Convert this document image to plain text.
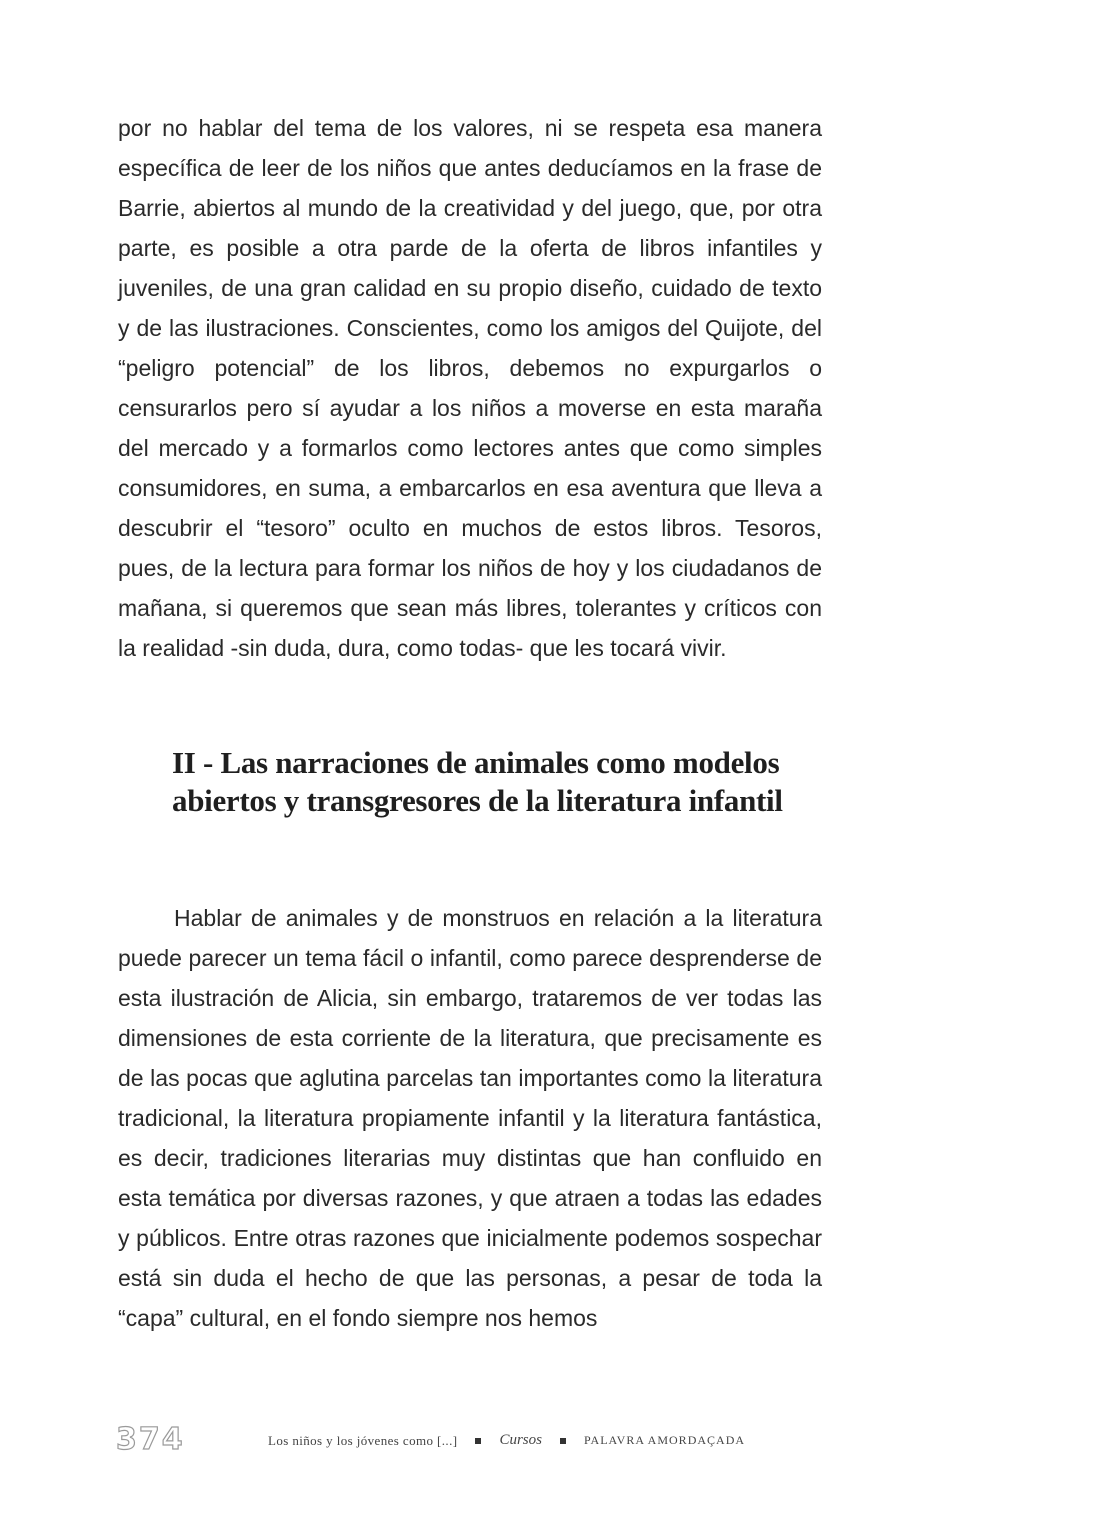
por no hablar del tema de los valores, ni se respeta esa manera específica de leer de los niños que antes deducíamos en la frase de Barrie, abiertos al mundo de la creatividad y del juego, que, por otra parte, es posible a otra parde de la oferta de libros infantiles y juveniles, de una gran calidad en su propio diseño, cuidado de texto y de las ilustraciones. Conscientes, como los amigos del Quijote, del “peligro potencial” de los libros, debemos no expurgarlos o censurarlos pero sí ayudar a los niños a moverse en esta maraña del mercado y a formarlos como lectores antes que como simples consumidores, en suma, a embarcarlos en esa aventura que lleva a descubrir el “tesoro” oculto en muchos de estos libros. Tesoros, pues, de la lectura para formar los niños de hoy y los ciudadanos de mañana, si queremos que sean más libres, tolerantes y críticos con la realidad -sin duda, dura, como todas- que les tocará vivir.

II - Las narraciones de animales como modelos abiertos y transgresores de la literatura infantil

Hablar de animales y de monstruos en relación a la literatura puede parecer un tema fácil o infantil, como parece desprenderse de esta ilustración de Alicia, sin embargo, trataremos de ver todas las dimensiones de esta corriente de la literatura, que precisamente es de las pocas que aglutina parcelas tan importantes como la literatura tradicional, la literatura propiamente infantil y la literatura fantástica, es decir, tradiciones literarias muy distintas que han confluido en esta temática por diversas razones, y que atraen a todas las edades y públicos. Entre otras razones que inicialmente podemos sospechar está sin duda el hecho de que las personas, a pesar de toda la “capa” cultural, en el fondo siempre nos hemos

374	Los niños y los jóvenes como [...]	Cursos	PALAVRA AMORDAÇADA
